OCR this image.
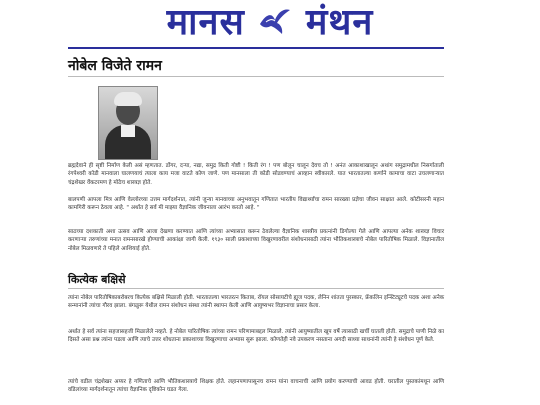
मानस मंथन
नोबेल विजेते रामन
ब्रह्मदेवाने ही सृष्टी निर्माण केली असं म्हणतात. डोंगर, दऱ्या, नद्या, समुद्र किती गोष्टी ! किती रंग ! पण बोलून चालून देवच तो ! अनंत आकाशाखालून अथांग समुद्रामधील निसर्गाताली रंगपेश्वरी कोडी मानवाला घालणयाचं त्याला काय मजा वाटते कोण जाणे. पण मानसाला ती कोडी सोडवण्याचं आव्हान स्वीकारले. यात भारतातल्या कर्णाने कामाचा वाटा उचलणाऱ्यात चंद्रशेखर वेंकटरमण हे मोठेच शास्त्रज्ञ होते.
बालपणी आपला मित्र आणि वेल्लोरच्या उत्तम मार्गदर्शनात, त्यांनी जुन्या मानवाच्या अनुभवातून गणितात भारतीय विद्यार्थ्यांचा रामन सारख्या प्रज्ञेचा जीवन साक्षात आले. कोटीसरनी महान कामगिरी करून ठेवला आहे. " अर्थात हे सर्व मी माझ्या वैज्ञानिक जीवनाला आरंभ करतो आहे. "
साठच्या दशकाती अशा उत्सव आणि आजा देखणा करण्यात आणि त्यांच्या अभ्यासात करून ठेवलेल्या वैज्ञानिक शास्त्रीय प्रयत्नांनी डिगोल्या गेले आणि आपल्या अनेक शास्त्रज्ञ विचार करणाऱ्या तरुणांच्या मनात रामनसारखे होण्याची आकांक्षा जागी केली. १९३० साली प्रकाशाच्या विखुरणावरील संशोधनासाठी त्यांना भौतिकशास्त्राचे नोबेल पारितोषिक मिळाले. विज्ञानातील नोबेल मिळवणारे ते पहिले आशियाई होते.
कित्येक बक्षिसे
त्यांना नोबेल पारितोषिकाबरोबरच कित्येक बक्षिसे मिळाली होती. भारतातल्या भारतरत्न किताब, रॉयल सोसायटीचे ह्यूज पदक, लेनिन शांतता पुरस्कार, फ्रँकलिन इन्स्टिट्यूटचे पदक अशा अनेक सन्मानांनी त्यांचा गौरव झाला. बंगळुरू येथील रामन संशोधन संस्था त्यांनी स्थापन केली आणि आयुष्यभर विज्ञानाचा प्रसार केला.
अर्थात हे सर्व त्यांना सहजासहजी मिळालेले नव्हते. हे नोबेल पारितोषिक त्यांच्या रामन परिणामाबद्दल मिळाले. त्यांनी आयुष्यातील खूप वर्षे त्यासाठी खर्ची घातली होती. समुद्राचे पाणी निळे का दिसते असा प्रश्न त्यांना पडला आणि त्याचे उत्तर शोधताना प्रकाशाच्या विखुरणाचा अभ्यास सुरू झाला. कोणतेही नवे उपकरण नसताना अगदी साध्या साधनांनी त्यांनी हे संशोधन पूर्ण केले.
त्यांचे वडील चंद्रशेखर अय्यर हे गणिताचे आणि भौतिकशास्त्राचे शिक्षक होते. लहानपणापासूनच रामन यांना वाचनाची आणि प्रयोग करण्याची आवड होती. घरातील पुस्तकांमधून आणि वडिलांच्या मार्गदर्शनातून त्यांचा वैज्ञानिक दृष्टिकोन घडत गेला.
